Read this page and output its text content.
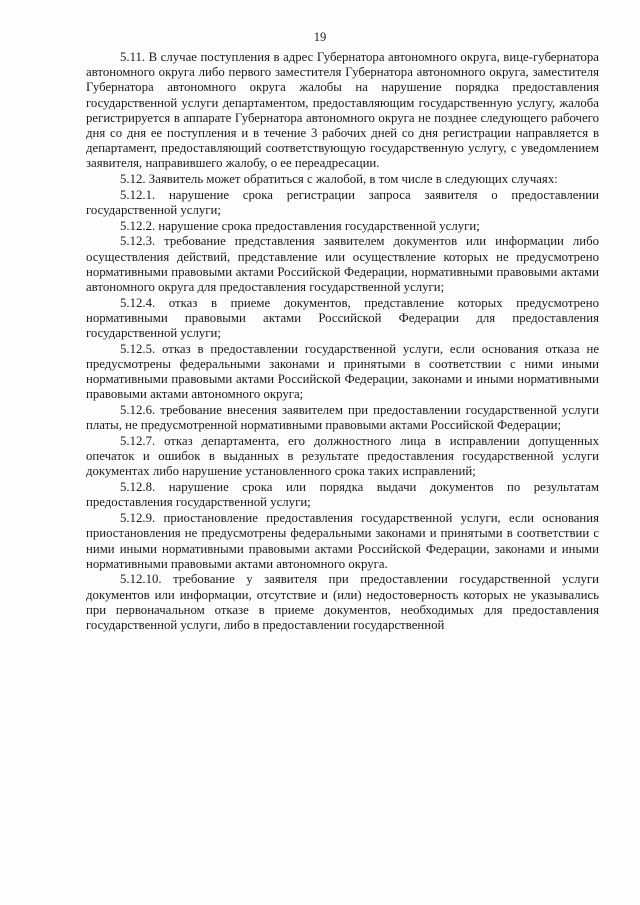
19

5.11. В случае поступления в адрес Губернатора автономного округа, вице-губернатора автономного округа либо первого заместителя Губернатора автономного округа, заместителя Губернатора автономного округа жалобы на нарушение порядка предоставления государственной услуги департаментом, предоставляющим государственную услугу, жалоба регистрируется в аппарате Губернатора автономного округа не позднее следующего рабочего дня со дня ее поступления и в течение 3 рабочих дней со дня регистрации направляется в департамент, предоставляющий соответствующую государственную услугу, с уведомлением заявителя, направившего жалобу, о ее переадресации.

5.12. Заявитель может обратиться с жалобой, в том числе в следующих случаях:

5.12.1. нарушение срока регистрации запроса заявителя о предоставлении государственной услуги;

5.12.2. нарушение срока предоставления государственной услуги;

5.12.3. требование представления заявителем документов или информации либо осуществления действий, представление или осуществление которых не предусмотрено нормативными правовыми актами Российской Федерации, нормативными правовыми актами автономного округа для предоставления государственной услуги;

5.12.4. отказ в приеме документов, представление которых предусмотрено нормативными правовыми актами Российской Федерации для предоставления государственной услуги;

5.12.5. отказ в предоставлении государственной услуги, если основания отказа не предусмотрены федеральными законами и принятыми в соответствии с ними иными нормативными правовыми актами Российской Федерации, законами и иными нормативными правовыми актами автономного округа;

5.12.6. требование внесения заявителем при предоставлении государственной услуги платы, не предусмотренной нормативными правовыми актами Российской Федерации;

5.12.7. отказ департамента, его должностного лица в исправлении допущенных опечаток и ошибок в выданных в результате предоставления государственной услуги документах либо нарушение установленного срока таких исправлений;

5.12.8. нарушение срока или порядка выдачи документов по результатам предоставления государственной услуги;

5.12.9. приостановление предоставления государственной услуги, если основания приостановления не предусмотрены федеральными законами и принятыми в соответствии с ними иными нормативными правовыми актами Российской Федерации, законами и иными нормативными правовыми актами автономного округа.

5.12.10. требование у заявителя при предоставлении государственной услуги документов или информации, отсутствие и (или) недостоверность которых не указывались при первоначальном отказе в приеме документов, необходимых для предоставления государственной услуги, либо в предоставлении государственной
